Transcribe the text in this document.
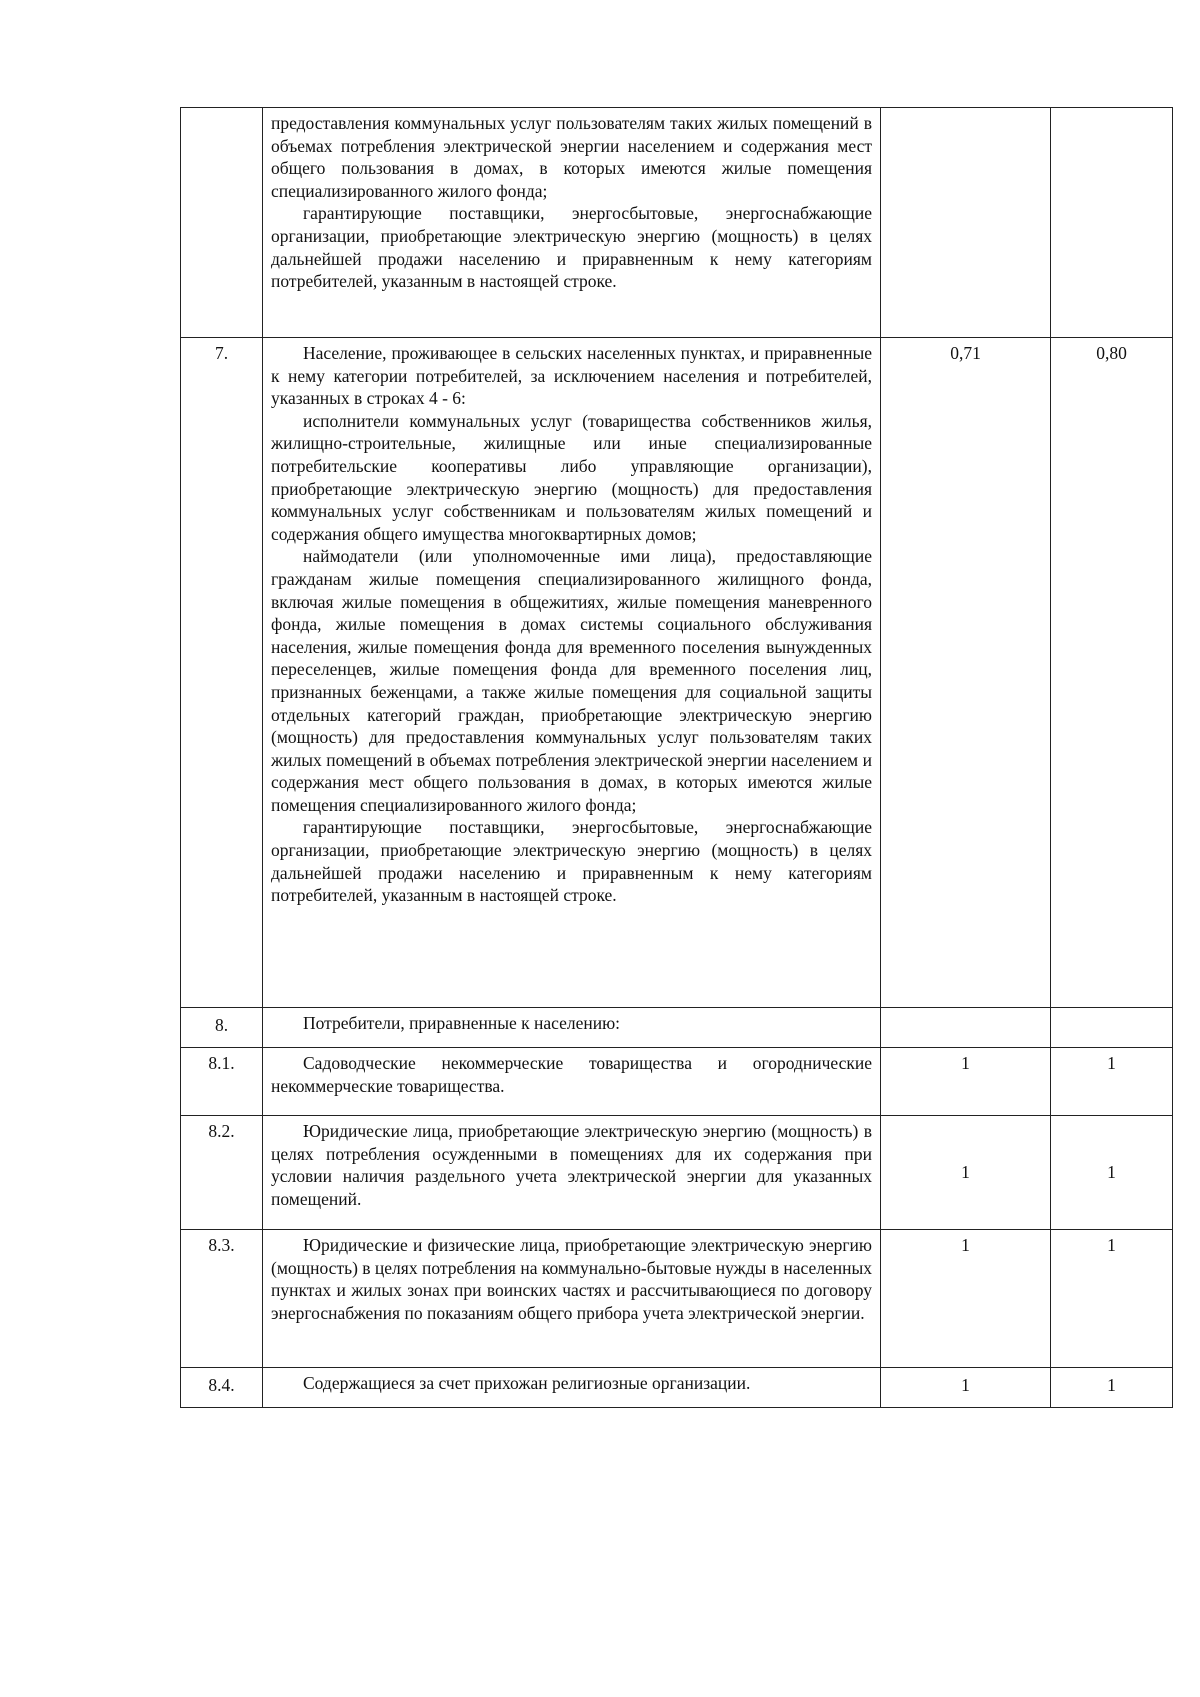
	предоставления коммунальных услуг пользователям таких жилых помещений в объемах потребления электрической энергии населением и содержания мест общего пользования в домах, в которых имеются жилые помещения специализированного жилого фонда;

гарантирующие поставщики, энергосбытовые, энергоснабжающие организации, приобретающие электрическую энергию (мощность) в целях дальнейшей продажи населению и приравненным к нему категориям потребителей, указанным в настоящей строке.		

7.	Население, проживающее в сельских населенных пунктах, и приравненные к нему категории потребителей, за исключением населения и потребителей, указанных в строках 4 - 6:

исполнители коммунальных услуг (товарищества собственников жилья, жилищно-строительные, жилищные или иные специализированные потребительские кооперативы либо управляющие организации), приобретающие электрическую энергию (мощность) для предоставления коммунальных услуг собственникам и пользователям жилых помещений и содержания общего имущества многоквартирных домов;

наймодатели (или уполномоченные ими лица), предоставляющие гражданам жилые помещения специализированного жилищного фонда, включая жилые помещения в общежитиях, жилые помещения маневренного фонда, жилые помещения в домах системы социального обслуживания населения, жилые помещения фонда для временного поселения вынужденных переселенцев, жилые помещения фонда для временного поселения лиц, признанных беженцами, а также жилые помещения для социальной защиты отдельных категорий граждан, приобретающие электрическую энергию (мощность) для предоставления коммунальных услуг пользователям таких жилых помещений в объемах потребления электрической энергии населением и содержания мест общего пользования в домах, в которых имеются жилые помещения специализированного жилого фонда;

гарантирующие поставщики, энергосбытовые, энергоснабжающие организации, приобретающие электрическую энергию (мощность) в целях дальнейшей продажи населению и приравненным к нему категориям потребителей, указанным в настоящей строке.	0,71	0,80
8.	Потребители, приравненные к населению:		

8.1.	Садоводческие некоммерческие товарищества и огороднические некоммерческие товарищества.	1	1
8.2.	Юридические лица, приобретающие электрическую энергию (мощность) в целях потребления осужденными в помещениях для их содержания при условии наличия раздельного учета электрической энергии для указанных помещений.	1	1
8.3.	Юридические и физические лица, приобретающие электрическую энергию (мощность) в целях потребления на коммунально-бытовые нужды в населенных пунктах и жилых зонах при воинских частях и рассчитывающиеся по договору энергоснабжения по показаниям общего прибора учета электрической энергии.	1	1
8.4.	Содержащиеся за счет прихожан религиозные организации.	1	1
